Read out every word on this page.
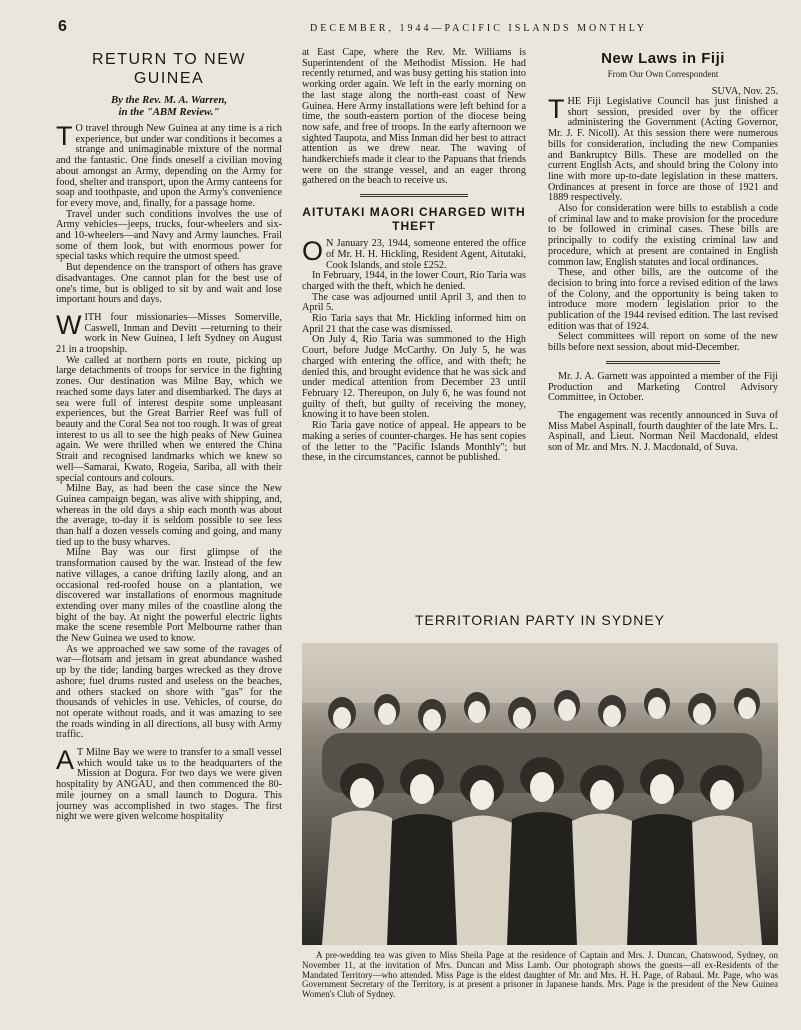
6	DECEMBER, 1944—PACIFIC ISLANDS MONTHLY
RETURN TO NEW GUINEA
By the Rev. M. A. Warren,
in the "ABM Review."

T O travel through New Guinea at any time is a rich experience, but under war conditions it becomes a strange and unimaginable mixture of the normal and the fantastic. One finds oneself a civilian moving about amongst an Army, depending on the Army for food, shelter and transport, upon the Army canteens for soap and toothpaste, and upon the Army's convenience for every move, and, finally, for a passage home.

Travel under such conditions involves the use of Army vehicles—jeeps, trucks, four-wheelers and six- and 10-wheelers—and Navy and Army launches. Frail some of them look, but with enormous power for special tasks which require the utmost speed.

But dependence on the transport of others has grave disadvantages. One cannot plan for the best use of one's time, but is obliged to sit by and wait and lose important hours and days.

WITH four missionaries—Misses Somerville, Caswell, Inman and Devitt —returning to their work in New Guinea, I left Sydney on August 21 in a troopship.

We called at northern ports en route, picking up large detachments of troops for service in the fighting zones. Our destination was Milne Bay, which we reached some days later and disembarked. The days at sea were full of interest despite some unpleasant experiences, but the Great Barrier Reef was full of beauty and the Coral Sea not too rough. It was of great interest to us all to see the high peaks of New Guinea again. We were thrilled when we entered the China Strait and recognised landmarks which we knew so well—Samarai, Kwato, Rogeia, Sariba, all with their special contours and colours.

Milne Bay, as had been the case since the New Guinea campaign began, was alive with shipping, and, whereas in the old days a ship each month was about the average, to-day it is seldom possible to see less than half a dozen vessels coming and going, and many tied up to the busy wharves.

Milne Bay was our first glimpse of the transformation caused by the war. Instead of the few native villages, a canoe drifting lazily along, and an occasional red-roofed house on a plantation, we discovered war installations of enormous magnitude extending over many miles of the coastline along the bight of the bay. At night the powerful electric lights make the scene resemble Port Melbourne rather than the New Guinea we used to know.

As we approached we saw some of the ravages of war—flotsam and jetsam in great abundance washed up by the tide; landing barges wrecked as they drove ashore; fuel drums rusted and useless on the beaches, and others stacked on shore with "gas" for the thousands of vehicles in use. Vehicles, of course, do not operate without roads, and it was amazing to see the roads winding in all directions, all busy with Army traffic.

A T Milne Bay we were to transfer to a small vessel which would take us to the headquarters of the Mission at Dogura. For two days we were given hospitality by ANGAU, and then commenced the 80-mile journey on a small launch to Dogura. This journey was accomplished in two stages. The first night we were given welcome hospitality

at East Cape, where the Rev. Mr. Williams is Superintendent of the Methodist Mission. He had recently returned, and was busy getting his station into working order again. We left in the early morning on the last stage along the north-east coast of New Guinea. Here Army installations were left behind for a time, the south-eastern portion of the diocese being now safe, and free of troops. In the early afternoon we sighted Taupota, and Miss Inman did her best to attract attention as we drew near. The waving of handkerchiefs made it clear to the Papuans that friends were on the strange vessel, and an eager throng gathered on the beach to receive us.

AITUTAKI MAORI CHARGED WITH THEFT

O N January 23, 1944, someone entered the office of Mr. H. H. Hickling, Resident Agent, Aitutaki, Cook Islands, and stole £252.

In February, 1944, in the lower Court, Rio Taria was charged with the theft, which he denied.

The case was adjourned until April 3, and then to April 5.

Rio Taria says that Mr. Hickling informed him on April 21 that the case was dismissed.

On July 4, Rio Taria was summoned to the High Court, before Judge McCarthy. On July 5, he was charged with entering the office, and with theft; he denied this, and brought evidence that he was sick and under medical attention from December 23 until February 12. Thereupon, on July 6, he was found not guilty of theft, but guilty of receiving the money, knowing it to have been stolen.

Rio Taria gave notice of appeal. He appears to be making a series of counter-charges. He has sent copies of the letter to the "Pacific Islands Monthly"; but these, in the circumstances, cannot be published.

New Laws in Fiji
From Our Own Correspondent
SUVA, Nov. 25.

THE Fiji Legislative Council has just finished a short session, presided over by the officer administering the Government (Acting Governor, Mr. J. F. Nicoll). At this session there were numerous bills for consideration, including the new Companies and Bankruptcy Bills. These are modelled on the current English Acts, and should bring the Colony into line with more up-to-date legislation in these matters. Ordinances at present in force are those of 1921 and 1889 respectively.

Also for consideration were bills to establish a code of criminal law and to make provision for the procedure to be followed in criminal cases. These bills are principally to codify the existing criminal law and procedure, which at present are contained in English common law, English statutes and local ordinances.

These, and other bills, are the outcome of the decision to bring into force a revised edition of the laws of the Colony, and the opportunity is being taken to introduce more modern legislation prior to the publication of the 1944 revised edition. The last revised edition was that of 1924.

Select committees will report on some of the new bills before next session, about mid-December.

Mr. J. A. Garnett was appointed a member of the Fiji Production and Marketing Control Advisory Committee, in October.

The engagement was recently announced in Suva of Miss Mabel Aspinall, fourth daughter of the late Mrs. L. Aspinall, and Lieut. Norman Neil Macdonald, eldest son of Mr. and Mrs. N. J. Macdonald, of Suva.

TERRITORIAN PARTY IN SYDNEY

A pre-wedding tea was given to Miss Sheila Page at the residence of Captain and Mrs. J. Duncan, Chatswood, Sydney, on November 11, at the invitation of Mrs. Duncan and Miss Lamb. Our photograph shows the guests—all ex-Residents of the Mandated Territory—who attended. Miss Page is the eldest daughter of Mr. and Mrs. H. H. Page, of Rabaul. Mr. Page, who was Government Secretary of the Territory, is at present a prisoner in Japanese hands. Mrs. Page is the president of the New Guinea Women's Club of Sydney.
